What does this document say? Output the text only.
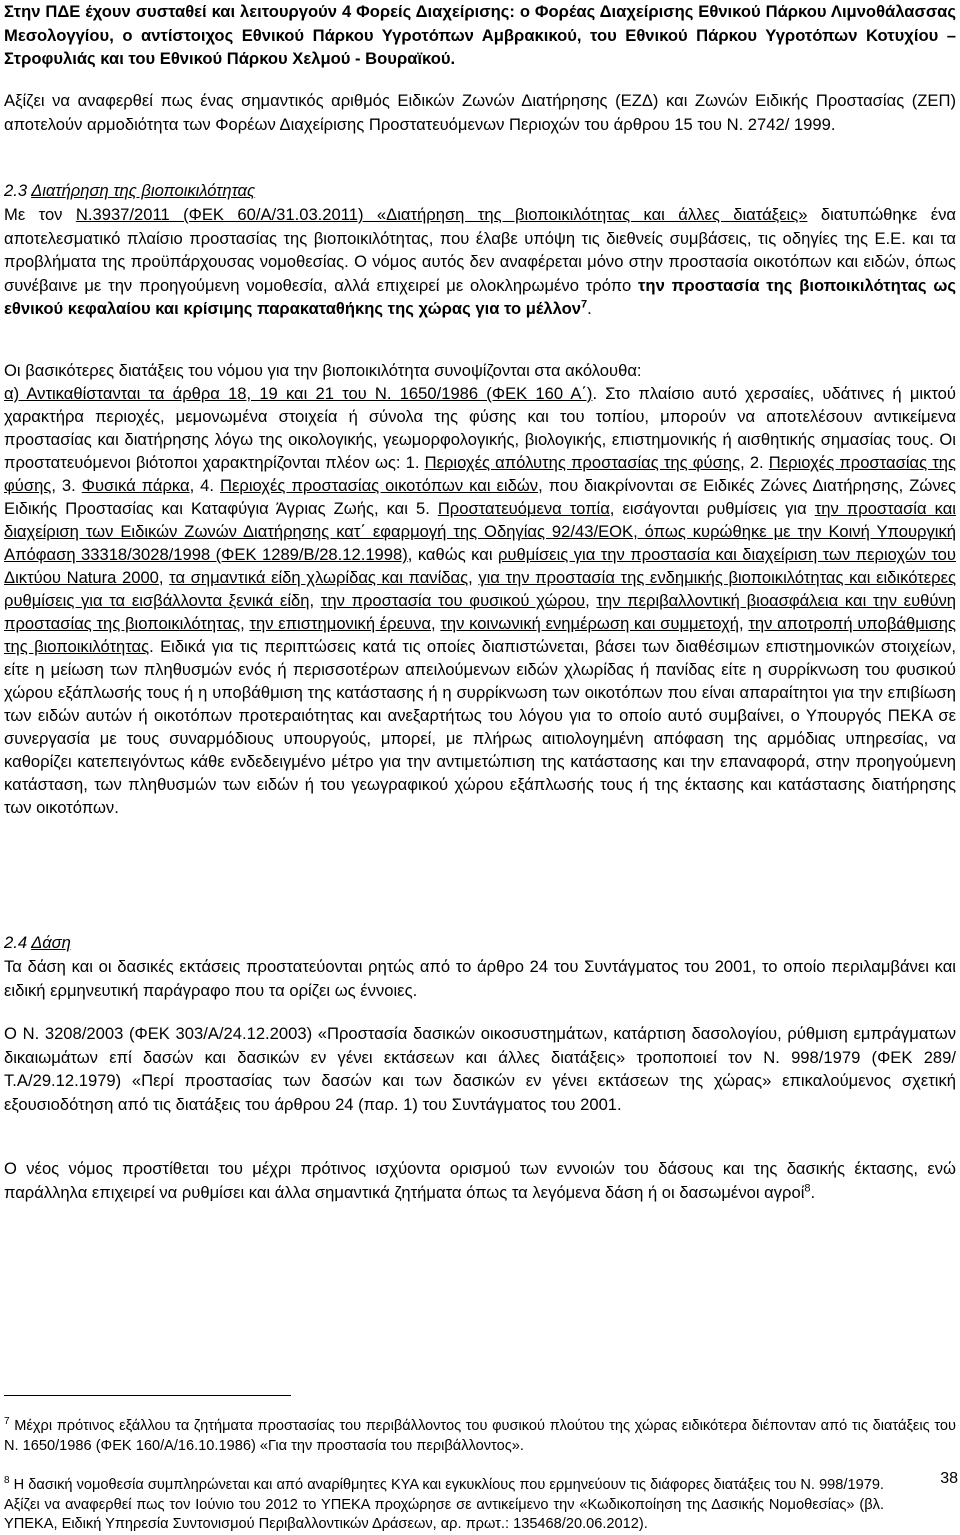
Στην ΠΔΕ έχουν συσταθεί και λειτουργούν 4 Φορείς Διαχείρισης: ο Φορέας Διαχείρισης Εθνικού Πάρκου Λιμνοθάλασσας Μεσολογγίου, ο αντίστοιχος Εθνικού Πάρκου Υγροτόπων Αμβρακικού, του Εθνικού Πάρκου Υγροτόπων Κοτυχίου – Στροφυλιάς και του Εθνικού Πάρκου Χελμού - Βουραϊκού.

Αξίζει να αναφερθεί πως ένας σημαντικός αριθμός Ειδικών Ζωνών Διατήρησης (ΕΖΔ) και Ζωνών Ειδικής Προστασίας (ΖΕΠ) αποτελούν αρμοδιότητα των Φορέων Διαχείρισης Προστατευόμενων Περιοχών του άρθρου 15 του Ν. 2742/ 1999.

2.3 Διατήρηση της βιοποικιλότητας

Με τον Ν.3937/2011 (ΦΕΚ 60/Α/31.03.2011) «Διατήρηση της βιοποικιλότητας και άλλες διατάξεις» διατυπώθηκε ένα αποτελεσματικό πλαίσιο προστασίας της βιοποικιλότητας, που έλαβε υπόψη τις διεθνείς συμβάσεις, τις οδηγίες της Ε.Ε. και τα προβλήματα της προϋπάρχουσας νομοθεσίας. Ο νόμος αυτός δεν αναφέρεται μόνο στην προστασία οικοτόπων και ειδών, όπως συνέβαινε με την προηγούμενη νομοθεσία, αλλά επιχειρεί με ολοκληρωμένο τρόπο την προστασία της βιοποικιλότητας ως εθνικού κεφαλαίου και κρίσιμης παρακαταθήκης της χώρας για το μέλλον$^7$.

Οι βασικότερες διατάξεις του νόμου για την βιοποικιλότητα συνοψίζονται στα ακόλουθα:

α) Αντικαθίστανται τα άρθρα 18, 19 και 21 του Ν. 1650/1986 (ΦΕΚ 160 Α΄). Στο πλαίσιο αυτό χερσαίες, υδάτινες ή μικτού χαρακτήρα περιοχές, μεμονωμένα στοιχεία ή σύνολα της φύσης και του τοπίου, μπορούν να αποτελέσουν αντικείμενα προστασίας και διατήρησης λόγω της οικολογικής, γεωμορφολογικής, βιολογικής, επιστημονικής ή αισθητικής σημασίας τους. Οι προστατευόμενοι βιότοποι χαρακτηρίζονται πλέον ως: 1. Περιοχές απόλυτης προστασίας της φύσης, 2. Περιοχές προστασίας της φύσης, 3. Φυσικά πάρκα, 4. Περιοχές προστασίας οικοτόπων και ειδών, που διακρίνονται σε Ειδικές Ζώνες Διατήρησης, Ζώνες Ειδικής Προστασίας και Καταφύγια Άγριας Ζωής, και 5. Προστατευόμενα τοπία, εισάγονται ρυθμίσεις για την προστασία και διαχείριση των Ειδικών Ζωνών Διατήρησης κατ΄ εφαρμογή της Οδηγίας 92/43/ΕΟΚ, όπως κυρώθηκε με την Κοινή Υπουργική Απόφαση 33318/3028/1998 (ΦΕΚ 1289/Β/28.12.1998), καθώς και ρυθμίσεις για την προστασία και διαχείριση των περιοχών του Δικτύου Natura 2000, τα σημαντικά είδη χλωρίδας και πανίδας, για την προστασία της ενδημικής βιοποικιλότητας και ειδικότερες ρυθμίσεις για τα εισβάλλοντα ξενικά είδη, την προστασία του φυσικού χώρου, την περιβαλλοντική βιοασφάλεια και την ευθύνη προστασίας της βιοποικιλότητας, την επιστημονική έρευνα, την κοινωνική ενημέρωση και συμμετοχή, την αποτροπή υποβάθμισης της βιοποικιλότητας. Ειδικά για τις περιπτώσεις κατά τις οποίες διαπιστώνεται, βάσει των διαθέσιμων επιστημονικών στοιχείων, είτε η μείωση των πληθυσμών ενός ή περισσοτέρων απειλούμενων ειδών χλωρίδας ή πανίδας είτε η συρρίκνωση του φυσικού χώρου εξάπλωσής τους ή η υποβάθμιση της κατάστασης ή η συρρίκνωση των οικοτόπων που είναι απαραίτητοι για την επιβίωση των ειδών αυτών ή οικοτόπων προτεραιότητας και ανεξαρτήτως του λόγου για το οποίο αυτό συμβαίνει, ο Υπουργός ΠΕΚΑ σε συνεργασία με τους συναρμόδιους υπουργούς, μπορεί, με πλήρως αιτιολογημένη απόφαση της αρμόδιας υπηρεσίας, να καθορίζει κατεπειγόντως κάθε ενδεδειγμένο μέτρο για την αντιμετώπιση της κατάστασης και την επαναφορά, στην προηγούμενη κατάσταση, των πληθυσμών των ειδών ή του γεωγραφικού χώρου εξάπλωσής τους ή της έκτασης και κατάστασης διατήρησης των οικοτόπων.

2.4 Δάση

Τα δάση και οι δασικές εκτάσεις προστατεύονται ρητώς από το άρθρο 24 του Συντάγματος του 2001, το οποίο περιλαμβάνει και ειδική ερμηνευτική παράγραφο που τα ορίζει ως έννοιες.

Ο Ν. 3208/2003 (ΦΕΚ 303/Α/24.12.2003) «Προστασία δασικών οικοσυστημάτων, κατάρτιση δασολογίου, ρύθμιση εμπράγματων δικαιωμάτων επί δασών και δασικών εν γένει εκτάσεων και άλλες διατάξεις» τροποποιεί τον Ν. 998/1979 (ΦΕΚ 289/Τ.Α/29.12.1979) «Περί προστασίας των δασών και των δασικών εν γένει εκτάσεων της χώρας» επικαλούμενος σχετική εξουσιοδότηση από τις διατάξεις του άρθρου 24 (παρ. 1) του Συντάγματος του 2001.

Ο νέος νόμος προστίθεται του μέχρι πρότινος ισχύοντα ορισμού των εννοιών του δάσους και της δασικής έκτασης, ενώ παράλληλα επιχειρεί να ρυθμίσει και άλλα σημαντικά ζητήματα όπως τα λεγόμενα δάση ή οι δασωμένοι αγροί$^8$.

$^7$ Μέχρι πρότινος εξάλλου τα ζητήματα προστασίας του περιβάλλοντος του φυσικού πλούτου της χώρας ειδικότερα διέπονταν από τις διατάξεις του Ν. 1650/1986 (ΦΕΚ 160/Α/16.10.1986) «Για την προστασία του περιβάλλοντος».

$^8$ Η δασική νομοθεσία συμπληρώνεται και από αναρίθμητες ΚΥΑ και εγκυκλίους που ερμηνεύουν τις διάφορες διατάξεις του Ν. 998/1979. Αξίζει να αναφερθεί πως τον Ιούνιο του 2012 το ΥΠΕΚΑ προχώρησε σε αντικείμενο την «Κωδικοποίηση της Δασικής Νομοθεσίας» (βλ. ΥΠΕΚΑ, Ειδική Υπηρεσία Συντονισμού Περιβαλλοντικών Δράσεων, αρ. πρωτ.: 135468/20.06.2012).

38
